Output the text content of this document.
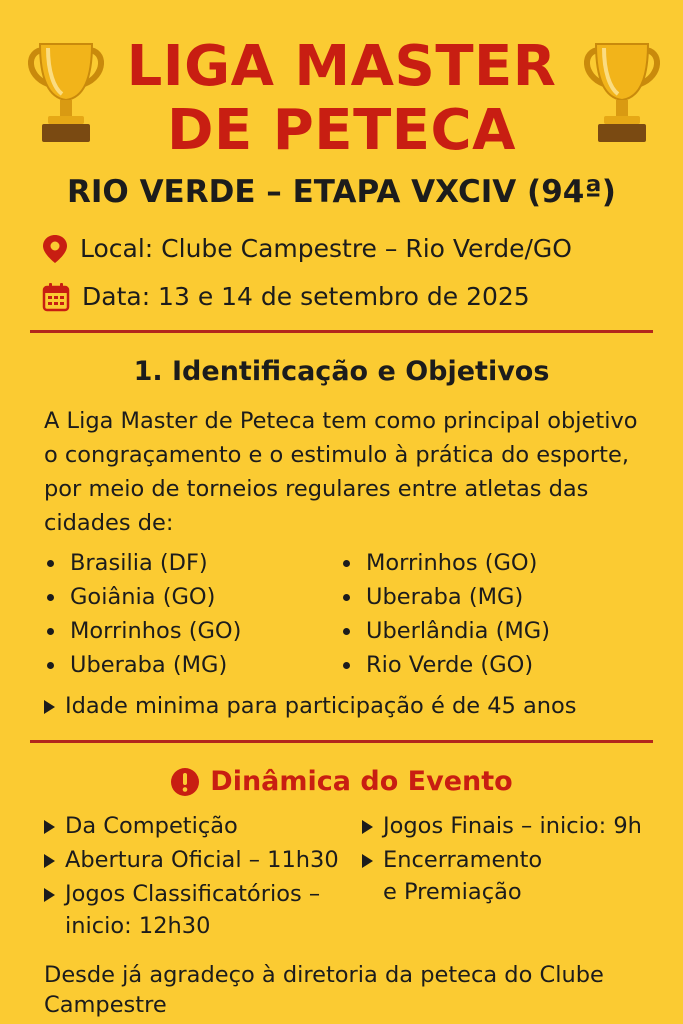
LIGA MASTER
DE PETECA
RIO VERDE – ETAPA VXCIV (94ª)
Local: Clube Campestre – Rio Verde/GO
Data: 13 e 14 de setembro de 2025
1. Identificação e Objetivos
A Liga Master de Peteca tem como principal objetivo o congraçamento e o estimulo à prática do esporte, por meio de torneios regulares entre atletas das cidades de:
Brasilia (DF)
Goiânia (GO)
Morrinhos (GO)
Uberaba (MG)
Morrinhos (GO)
Uberaba (MG)
Uberlândia (MG)
Rio Verde (GO)
Idade minima para participação é de 45 anos
Dinâmica do Evento
Da Competição
Abertura Oficial – 11h30
Jogos Classificatórios – inicio: 12h30
Jogos Finais – inicio: 9h
Encerramento e Premiação
Desde já agradeço à diretoria da peteca do Clube Campestre
